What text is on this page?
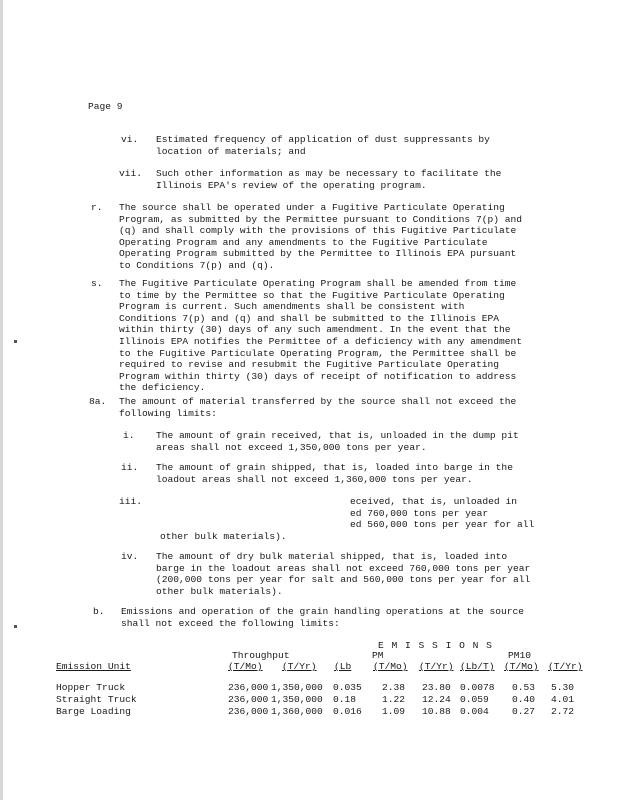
Page 9
vi. Estimated frequency of application of dust suppressants by
location of materials; and
vii. Such other information as may be necessary to facilitate the
Illinois EPA's review of the operating program.
r. The source shall be operated under a Fugitive Particulate Operating
Program, as submitted by the Permittee pursuant to Conditions 7(p) and
(q) and shall comply with the provisions of this Fugitive Particulate
Operating Program and any amendments to the Fugitive Particulate
Operating Program submitted by the Permittee to Illinois EPA pursuant
to Conditions 7(p) and (q).
s. The Fugitive Particulate Operating Program shall be amended from time
to time by the Permittee so that the Fugitive Particulate Operating
Program is current. Such amendments shall be consistent with
Conditions 7(p) and (q) and shall be submitted to the Illinois EPA
within thirty (30) days of any such amendment. In the event that the
Illinois EPA notifies the Permittee of a deficiency with any amendment
to the Fugitive Particulate Operating Program, the Permittee shall be
required to revise and resubmit the Fugitive Particulate Operating
Program within thirty (30) days of receipt of notification to address
the deficiency.
8a. The amount of material transferred by the source shall not exceed the
following limits:
i. The amount of grain received, that is, unloaded in the dump pit
areas shall not exceed 1,350,000 tons per year.
ii. The amount of grain shipped, that is, loaded into barge in the
loadout areas shall not exceed 1,360,000 tons per year.
iii.	eceived, that is, unloaded in
ed 760,000 tons per year
ed 560,000 tons per year for all
other bulk materials).
iv. The amount of dry bulk material shipped, that is, loaded into
barge in the loadout areas shall not exceed 760,000 tons per year
(200,000 tons per year for salt and 560,000 tons per year for all
other bulk materials).
b. Emissions and operation of the grain handling operations at the source
shall not exceed the following limits:
E M I S S I O N S
Throughput	PM	PM10
Emission Unit	(T/Mo) (T/Yr) (Lb (T/Mo) (T/Yr) (Lb/T) (T/Mo) (T/Yr)
Hopper Truck	236,000 1,350,000 0.035 2.38 23.80 0.0078 0.53 5.30
Straight Truck	236,000 1,350,000 0.18	1.22 12.24 0.059 0.40 4.01
Barge Loading	236,000 1,360,000 0.016 1.09 10.88 0.004 0.27 2.72
